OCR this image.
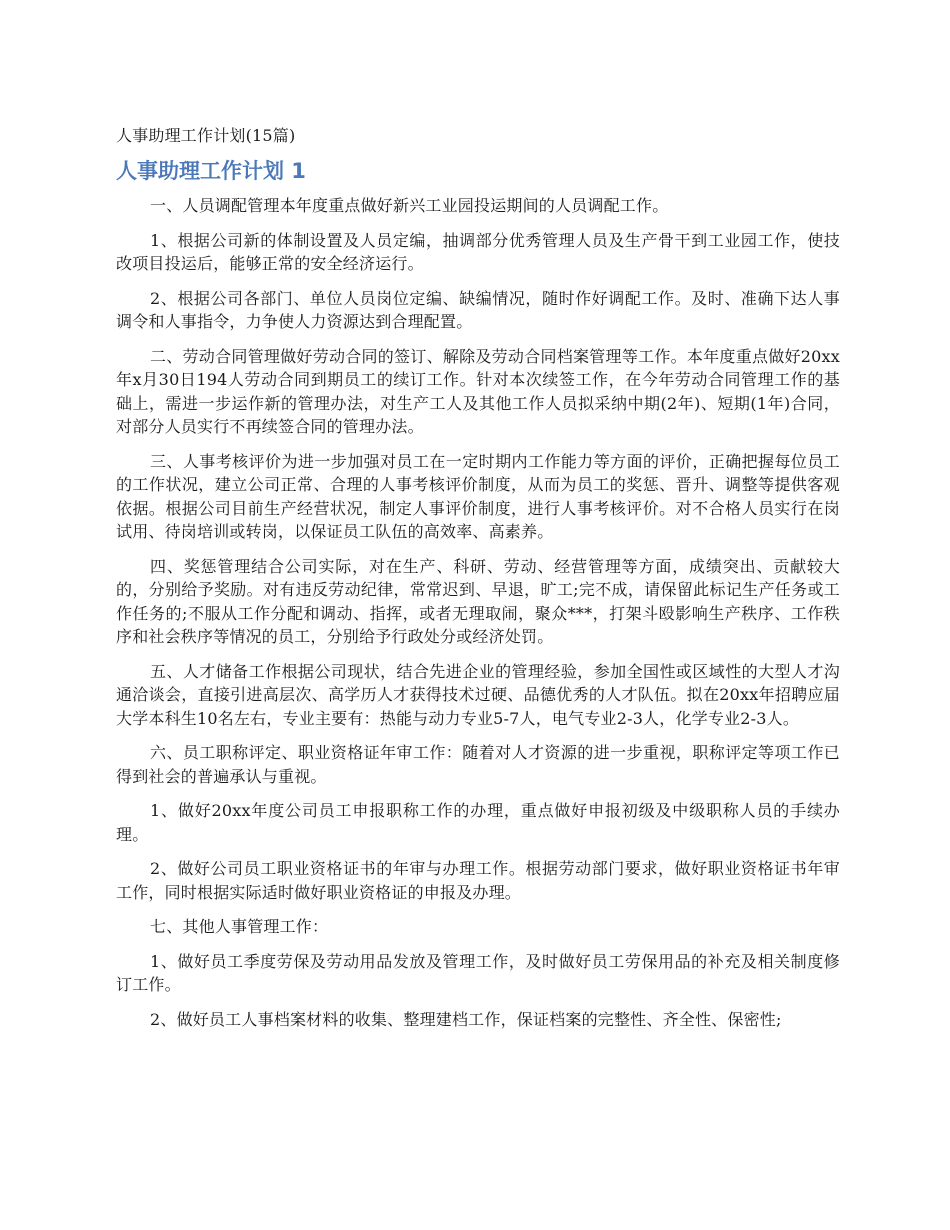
人事助理工作计划(15篇)

人事助理工作计划 1

一、人员调配管理本年度重点做好新兴工业园投运期间的人员调配工作。

1、根据公司新的体制设置及人员定编，抽调部分优秀管理人员及生产骨干到工业园工作，使技改项目投运后，能够正常的安全经济运行。

2、根据公司各部门、单位人员岗位定编、缺编情况，随时作好调配工作。及时、准确下达人事调令和人事指令，力争使人力资源达到合理配置。

二、劳动合同管理做好劳动合同的签订、解除及劳动合同档案管理等工作。本年度重点做好20xx年x月30日194人劳动合同到期员工的续订工作。针对本次续签工作，在今年劳动合同管理工作的基础上，需进一步运作新的管理办法，对生产工人及其他工作人员拟采纳中期(2年)、短期(1年)合同，对部分人员实行不再续签合同的管理办法。

三、人事考核评价为进一步加强对员工在一定时期内工作能力等方面的评价，正确把握每位员工的工作状况，建立公司正常、合理的人事考核评价制度，从而为员工的奖惩、晋升、调整等提供客观依据。根据公司目前生产经营状况，制定人事评价制度，进行人事考核评价。对不合格人员实行在岗试用、待岗培训或转岗，以保证员工队伍的高效率、高素养。

四、奖惩管理结合公司实际，对在生产、科研、劳动、经营管理等方面，成绩突出、贡献较大的，分别给予奖励。对有违反劳动纪律，常常迟到、早退，旷工;完不成，请保留此标记生产任务或工作任务的;不服从工作分配和调动、指挥，或者无理取闹，聚众***，打架斗殴影响生产秩序、工作秩序和社会秩序等情况的员工，分别给予行政处分或经济处罚。

五、人才储备工作根据公司现状，结合先进企业的管理经验，参加全国性或区域性的大型人才沟通洽谈会，直接引进高层次、高学历人才获得技术过硬、品德优秀的人才队伍。拟在20xx年招聘应届大学本科生10名左右，专业主要有：热能与动力专业5-7人，电气专业2-3人，化学专业2-3人。

六、员工职称评定、职业资格证年审工作：随着对人才资源的进一步重视，职称评定等项工作已得到社会的普遍承认与重视。

1、做好20xx年度公司员工申报职称工作的办理，重点做好申报初级及中级职称人员的手续办理。

2、做好公司员工职业资格证书的年审与办理工作。根据劳动部门要求，做好职业资格证书年审工作，同时根据实际适时做好职业资格证的申报及办理。

七、其他人事管理工作：

1、做好员工季度劳保及劳动用品发放及管理工作，及时做好员工劳保用品的补充及相关制度修订工作。

2、做好员工人事档案材料的收集、整理建档工作，保证档案的完整性、齐全性、保密性;
